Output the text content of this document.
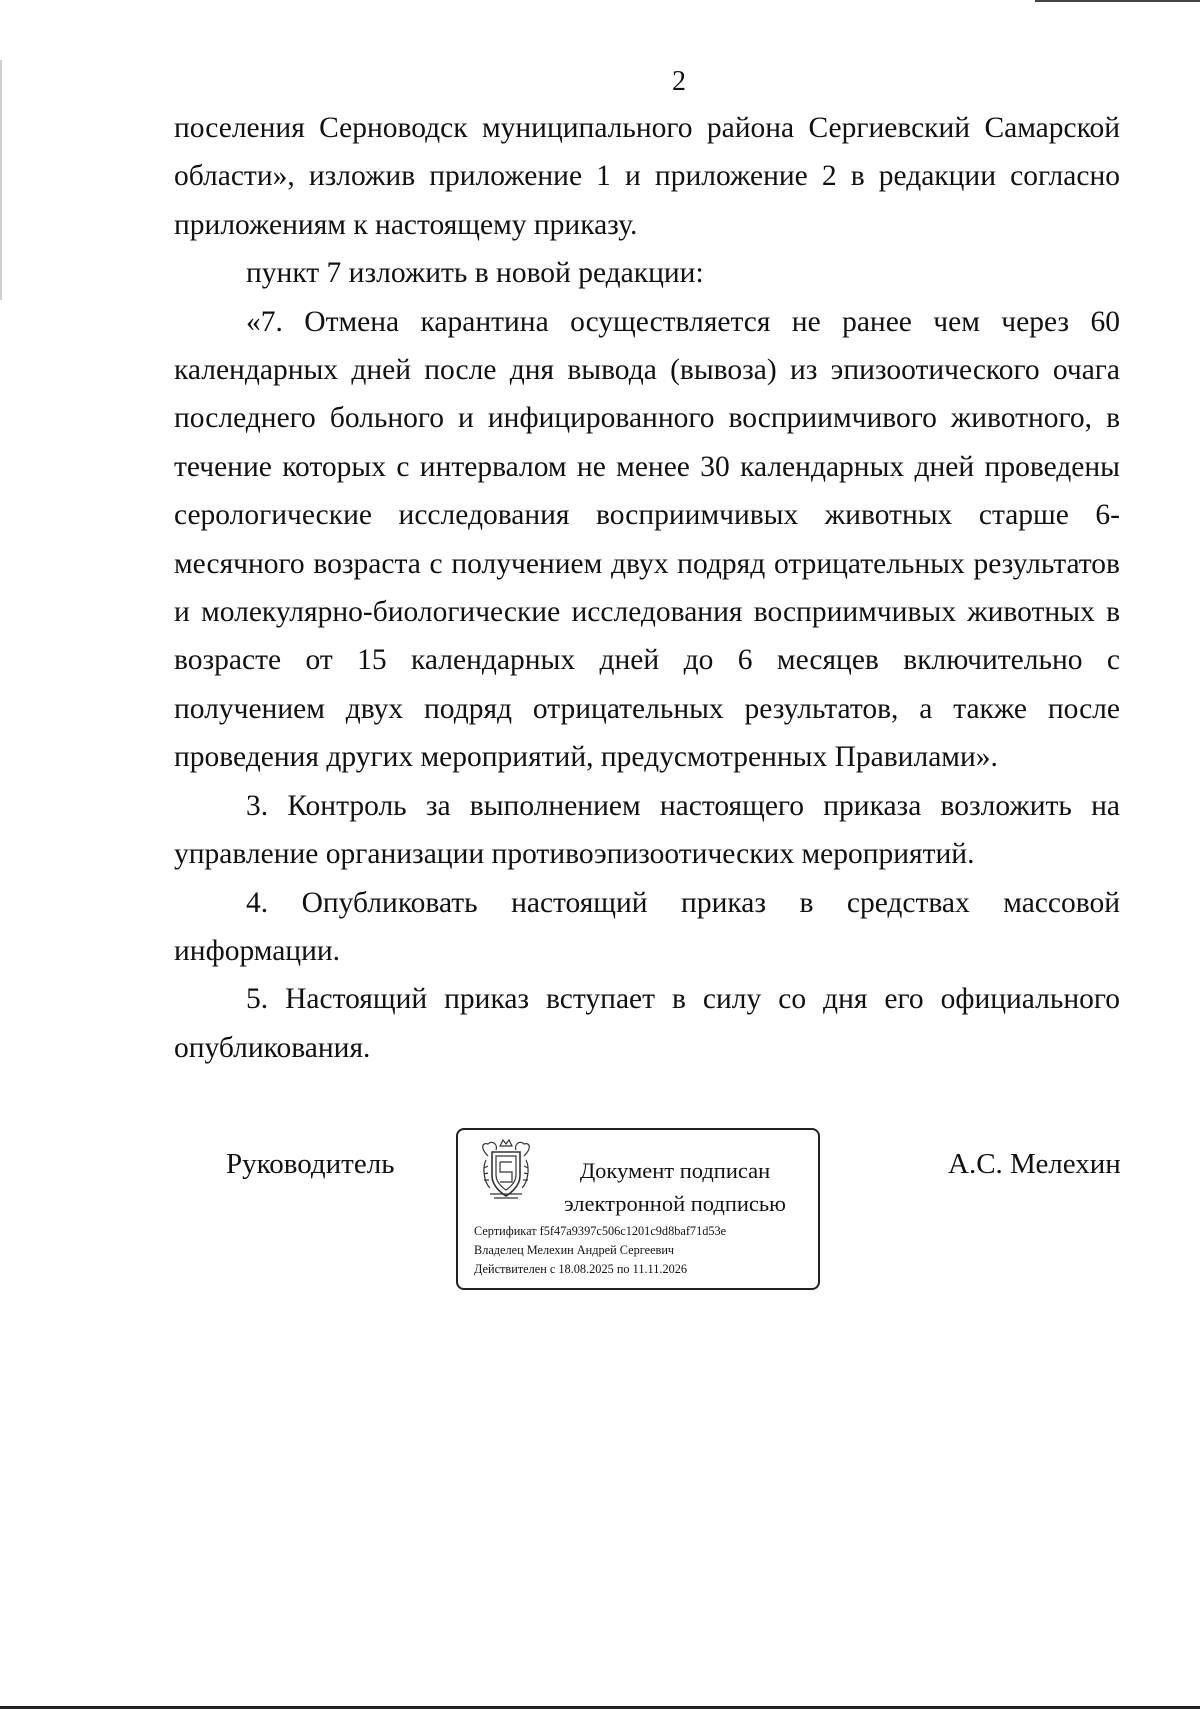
2

поселения Серноводск муниципального района Сергиевский Самарской области», изложив приложение 1 и приложение 2 в редакции согласно приложениям к настоящему приказу.

пункт 7 изложить в новой редакции:

«7. Отмена карантина осуществляется не ранее чем через 60 календарных дней после дня вывода (вывоза) из эпизоотического очага последнего больного и инфицированного восприимчивого животного, в течение которых с интервалом не менее 30 календарных дней проведены серологические исследования восприимчивых животных старше 6-месячного возраста с получением двух подряд отрицательных результатов и молекулярно-биологические исследования восприимчивых животных в возрасте от 15 календарных дней до 6 месяцев включительно с получением двух подряд отрицательных результатов, а также после проведения других мероприятий, предусмотренных Правилами».

3. Контроль за выполнением настоящего приказа возложить на управление организации противоэпизоотических мероприятий.

4. Опубликовать настоящий приказ в средствах массовой информации.

5. Настоящий приказ вступает в силу со дня его официального опубликования.

Руководитель	Документ подписан
электронной подписью
Сертификат f5f47a9397c506c1201c9d8baf71d53e
Владелец Мелехин Андрей Сергеевич
Действителен с 18.08.2025 по 11.11.2026
А.С. Мелехин
